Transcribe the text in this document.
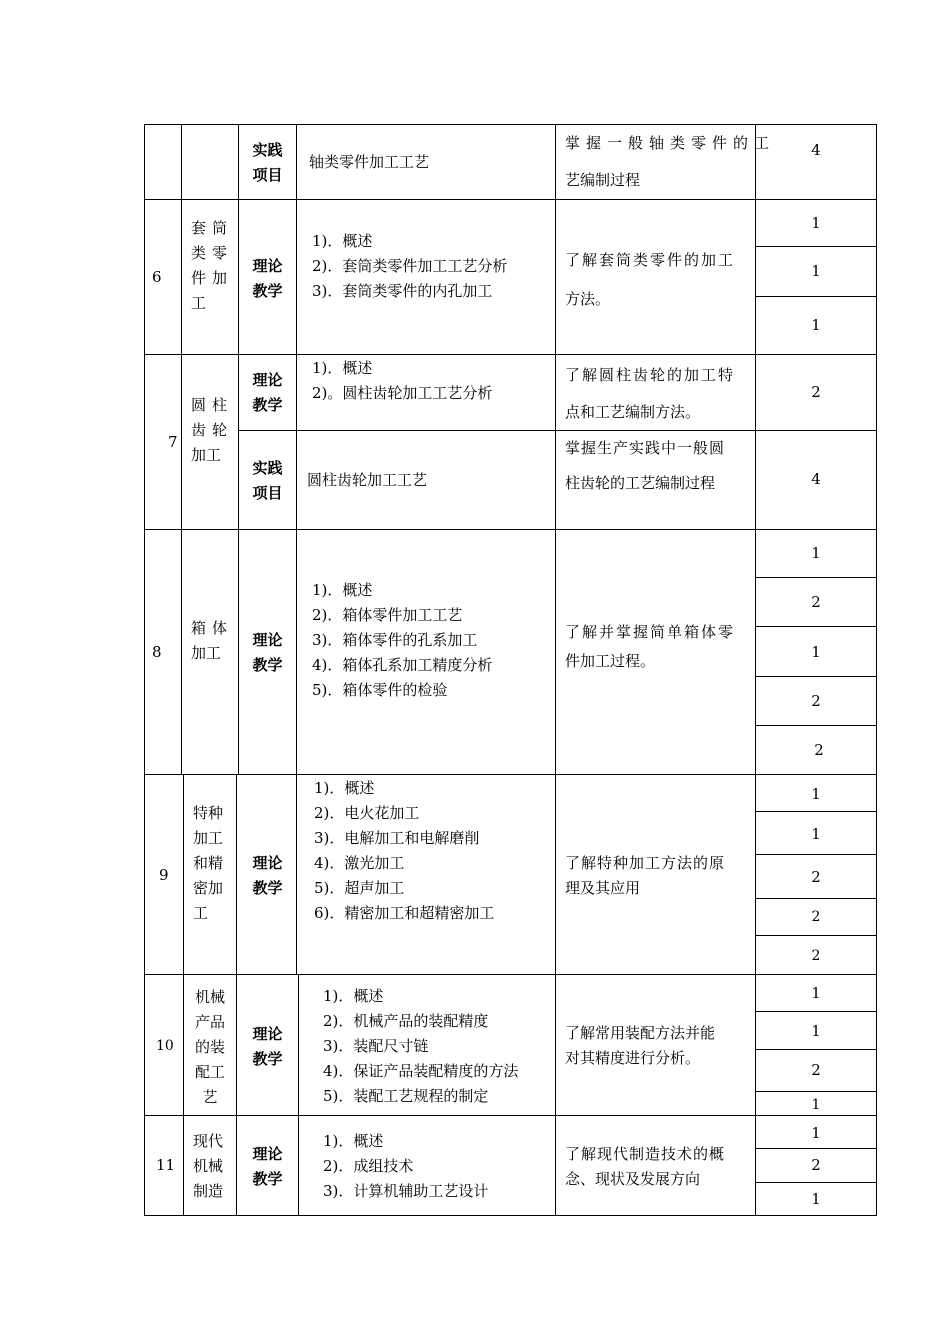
实践
项目
轴类零件加工工艺
掌握一般轴类零件的工
艺编制过程
4
6
套筒
类零
件加
工
理论
教学
1)．概述
2)．套筒类零件加工工艺分析
3)．套筒类零件的内孔加工
了解套筒类零件的加工
方法。
1
1
1
7
圆柱
齿轮
加工
理论
教学
1)．概述
2)。圆柱齿轮加工工艺分析
了解圆柱齿轮的加工特
点和工艺编制方法。
2
实践
项目
圆柱齿轮加工工艺
掌握生产实践中一般圆
柱齿轮的工艺编制过程	4
8
箱体
加工
理论
教学
1)．概述
2)．箱体零件加工工艺
3)．箱体零件的孔系加工
4)．箱体孔系加工精度分析
5)．箱体零件的检验
了解并掌握简单箱体零
件加工过程。
1
2
1
2
2
9
特种
加工
和精
密加
工
理论
教学
1)．概述
2)．电火花加工
3)．电解加工和电解磨削
4)．激光加工
5)．超声加工
6)．精密加工和超精密加工
了解特种加工方法的原
理及其应用
1
1
2
2
2
10
机械
产品
的装
配工
艺
理论
教学
1)．概述
2)．机械产品的装配精度
3)．装配尺寸链
4)．保证产品装配精度的方法
5)．装配工艺规程的制定
了解常用装配方法并能
对其精度进行分析。
1
1
2
1
11
现代
机械
制造
理论
教学
1)．概述
2)．成组技术
3)．计算机辅助工艺设计
了解现代制造技术的概
念、现状及发展方向
1
2
1
